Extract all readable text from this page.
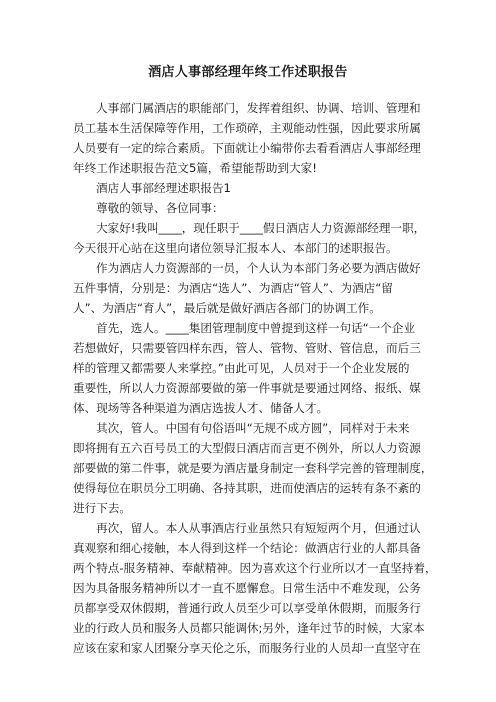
酒店人事部经理年终工作述职报告
人事部门属酒店的职能部门，发挥着组织、协调、培训、管理和
员工基本生活保障等作用，工作琐碎，主观能动性强，因此要求所属
人员要有一定的综合素质。下面就让小编带你去看看酒店人事部经理
年终工作述职报告范文5篇，希望能帮助到大家!
酒店人事部经理述职报告1
尊敬的领导、各位同事：
大家好!我叫____，现任职于____假日酒店人力资源部经理一职，
今天很开心站在这里向诸位领导汇报本人、本部门的述职报告。
作为酒店人力资源部的一员，个人认为本部门务必要为酒店做好
五件事情，分别是：为酒店“选人”、为酒店“管人”、为酒店“留
人”、为酒店“育人”，最后就是做好酒店各部门的协调工作。
首先，选人。____集团管理制度中曾提到这样一句话“一个企业
若想做好，只需要管四样东西，管人、管物、管财、管信息，而后三
样的管理又都需要人来掌控。”由此可见，人员对于一个企业发展的
重要性，所以人力资源部要做的第一件事就是要通过网络、报纸、媒
体、现场等各种渠道为酒店选拔人才、储备人才。
其次，管人。中国有句俗语叫“无规不成方圆”，同样对于未来
即将拥有五六百号员工的大型假日酒店而言更不例外，所以人力资源
部要做的第二件事，就是要为酒店量身制定一套科学完善的管理制度，
使得每位在职员分工明确、各持其职，进而使酒店的运转有条不紊的
进行下去。
再次，留人。本人从事酒店行业虽然只有短短两个月，但通过认
真观察和细心接触，本人得到这样一个结论：做酒店行业的人都具备
两个特点-服务精神、奉献精神。因为喜欢这个行业所以才一直坚持着，
因为具备服务精神所以才一直不愿懈怠。日常生活中不难发现，公务
员都享受双休假期，普通行政人员至少可以享受单休假期，而服务行
业的行政人员和服务人员都只能调休;另外，逢年过节的时候，大家本
应该在家和家人团聚分享天伦之乐，而服务行业的人员却一直坚守在
